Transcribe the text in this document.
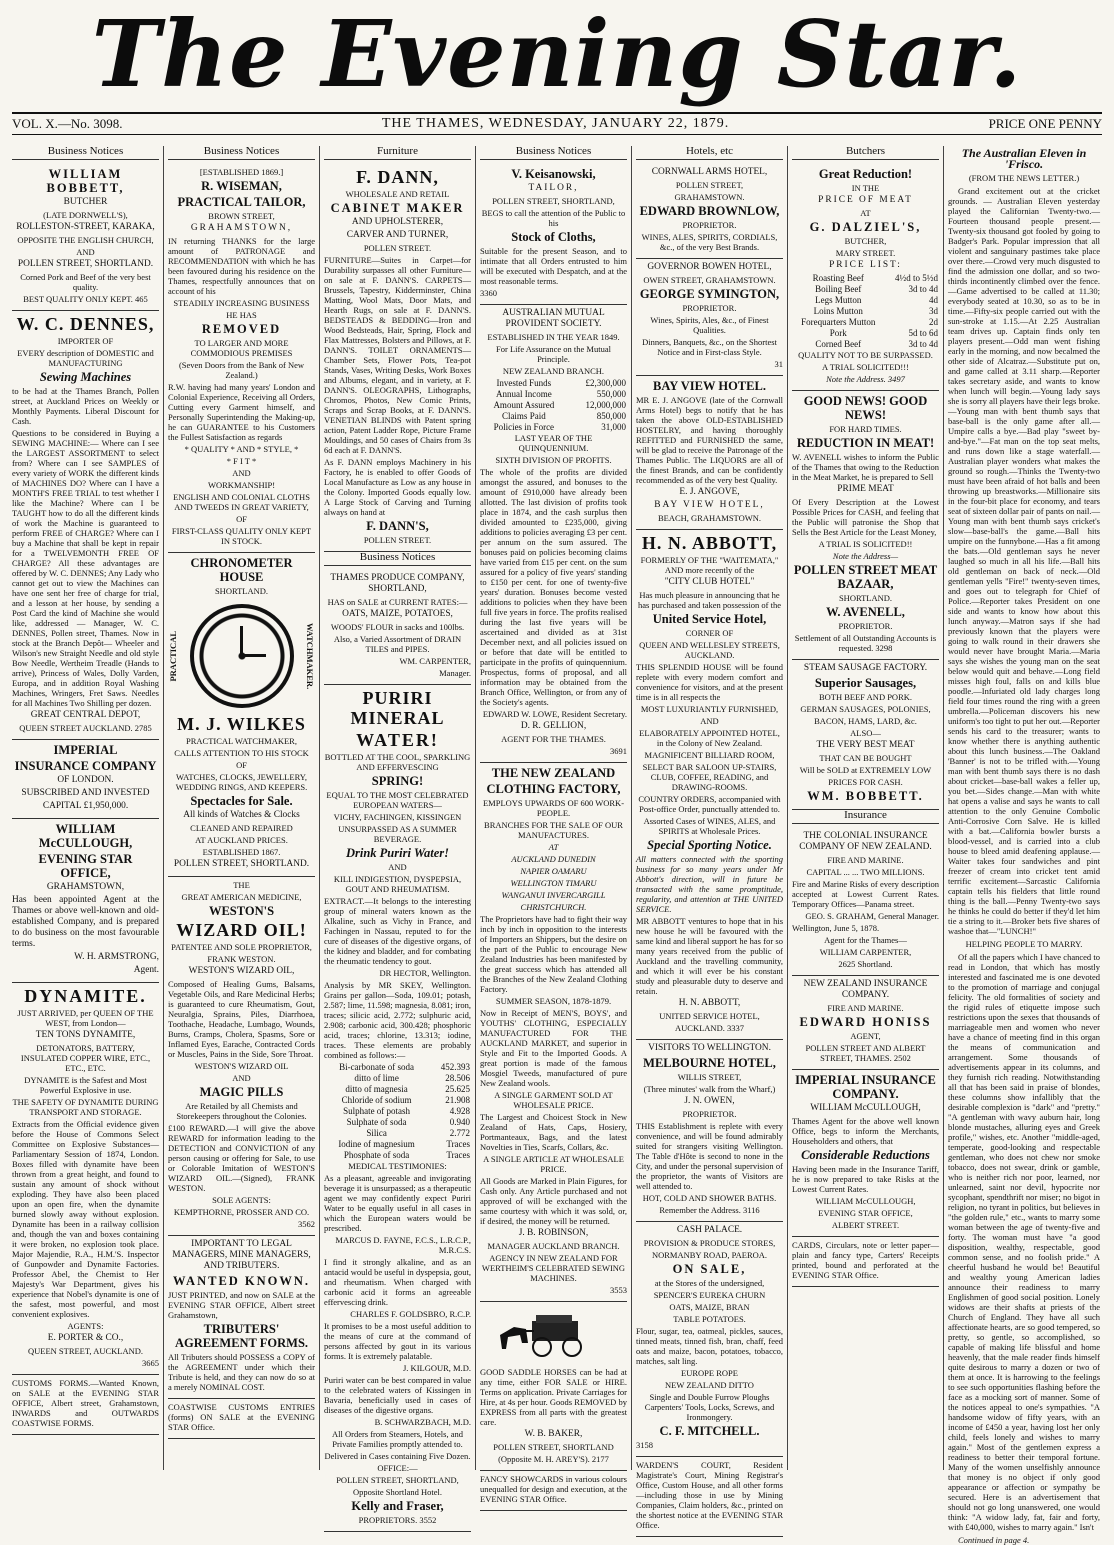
The Evening Star.
VOL. X.—No. 3098.	THE THAMES, WEDNESDAY, JANUARY 22, 1879.	PRICE ONE PENNY
Business Notices

WILLIAM BOBBETT,

BUTCHER

(LATE DORNWELL'S),

ROLLESTON-STREET, KARAKA,

OPPOSITE THE ENGLISH CHURCH,

AND

POLLEN STREET, SHORTLAND.

Corned Pork and Beef of the very best quality.

BEST QUALITY ONLY KEPT. 465

W. C. DENNES,

IMPORTER OF

EVERY description of DOMESTIC and MANUFACTURING

Sewing Machines

to be had at the Thames Branch, Pollen street, at Auckland Prices on Weekly or Monthly Payments. Liberal Discount for Cash.

Questions to be considered in Buying a SEWING MACHINE:— Where can I see the LARGEST ASSORTMENT to select from? Where can I see SAMPLES of every variety of WORK the different kinds of MACHINES DO? Where can I have a MONTH'S FREE TRIAL to test whether I like the Machine? Where can I be TAUGHT how to do all the different kinds of work the Machine is guaranteed to perform FREE of CHARGE? Where can I buy a Machine that shall be kept in repair for a TWELVEMONTH FREE OF CHARGE? All these advantages are offered by W. C. DENNES; Any Lady who cannot get out to view the Machines can have one sent her free of charge for trial, and a lesson at her house, by sending a Post Card the kind of Machine she would like, addressed — Manager, W. C. DENNES, Pollen street, Thames. Now in stock at the Branch Depôt— Wheeler and Wilson's new Straight Needle and old style Bow Needle, Wertheim Treadle (Hands to arrive), Princess of Wales, Dolly Varden, Europa, and in addition Royal Washing Machines, Wringers, Fret Saws. Needles for all Machines Two Shilling per dozen.

GREAT CENTRAL DEPOT,

QUEEN STREET AUCKLAND. 2785

IMPERIAL

INSURANCE COMPANY

OF LONDON.

SUBSCRIBED AND INVESTED

CAPITAL £1,950,000.

WILLIAM McCULLOUGH,

EVENING STAR OFFICE,

GRAHAMSTOWN,

Has been appointed Agent at the Thames or above well-known and old-established Company, and is prepared to do business on the most favourable terms.

W. H. ARMSTRONG,

Agent.

DYNAMITE.

JUST ARRIVED, per QUEEN OF THE WEST, from London—

TEN TONS DYNAMITE,

DETONATORS, BATTERY, INSULATED COPPER WIRE, ETC., ETC., ETC.

DYNAMITE is the Safest and Most Powerful Explosive in use.

THE SAFETY OF DYNAMITE DURING TRANSPORT AND STORAGE.

Extracts from the Official evidence given before the House of Commons Select Committee on Explosive Substances—Parliamentary Session of 1874, London. Boxes filled with dynamite have been thrown from a great height, and found to sustain any amount of shock without exploding. They have also been placed upon an open fire, when the dynamite burned slowly away without explosion. Dynamite has been in a railway collision and, though the van and boxes containing it were broken, no explosion took place. Major Majendie, R.A., H.M.'S. Inspector of Gunpowder and Dynamite Factories. Professor Abel, the Chemist to Her Majesty's War Department, gives his experience that Nobel's dynamite is one of the safest, most powerful, and most convenient explosives.

AGENTS:

E. PORTER & CO.,

QUEEN STREET, AUCKLAND.

3665

CUSTOMS FORMS.—Wanted Known, on SALE at the EVENING STAR OFFICE, Albert street, Grahamstown, INWARDS and OUTWARDS COASTWISE FORMS.

Business Notices

[ESTABLISHED 1869.]

R. WISEMAN,

PRACTICAL TAILOR,

BROWN STREET,

GRAHAMSTOWN,

IN returning THANKS for the large amount of PATRONAGE and RECOMMENDATION with which he has been favoured during his residence on the Thames, respectfully announces that on account of his

STEADILY INCREASING BUSINESS

HE HAS

REMOVED

TO LARGER AND MORE COMMODIOUS PREMISES

(Seven Doors from the Bank of New Zealand.)

R.W. having had many years' London and Colonial Experience, Receiving all Orders, Cutting every Garment himself, and Personally Superintending the Making-up, he can GUARANTEE to his Customers the Fullest Satisfaction as regards

* QUALITY * AND * STYLE, *

* F I T *

AND

WORKMANSHIP!

ENGLISH AND COLONIAL CLOTHS AND TWEEDS IN GREAT VARIETY,

OF

FIRST-CLASS QUALITY ONLY KEPT IN STOCK.

CHRONOMETER HOUSE

SHORTLAND.

PRACTICAL	WATCHMAKER.

M. J. WILKES

PRACTICAL WATCHMAKER,

CALLS ATTENTION TO HIS STOCK

OF

WATCHES, CLOCKS, JEWELLERY, WEDDING RINGS, AND KEEPERS.

Spectacles for Sale.

All kinds of Watches & Clocks

CLEANED AND REPAIRED

AT AUCKLAND PRICES.

ESTABLISHED 1867.

POLLEN STREET, SHORTLAND.

THE

GREAT AMERICAN MEDICINE,

WESTON'S

WIZARD OIL!

PATENTEE AND SOLE PROPRIETOR,

FRANK WESTON.

WESTON'S WIZARD OIL,

Composed of Healing Gums, Balsams, Vegetable Oils, and Rare Medicinal Herbs; is guaranteed to cure Rheumatism, Gout, Neuralgia, Sprains, Piles, Diarrhoea, Toothache, Headache, Lumbago, Wounds, Burns, Cramps, Cholera, Spasms, Sore or Inflamed Eyes, Earache, Contracted Cords or Muscles, Pains in the Side, Sore Throat.

WESTON'S WIZARD OIL

AND

MAGIC PILLS

Are Retailed by all Chemists and Storekeepers throughout the Colonies.

£100 REWARD.—I will give the above REWARD for information leading to the DETECTION and CONVICTION of any person causing or offering for Sale, to use or Colorable Imitation of WESTON'S WIZARD OIL.—(Signed), FRANK WESTON.

SOLE AGENTS:

KEMPTHORNE, PROSSER AND CO.

3562

IMPORTANT TO LEGAL MANAGERS, MINE MANAGERS, AND TRIBUTERS.

WANTED KNOWN.

JUST PRINTED, and now on SALE at the EVENING STAR OFFICE, Albert street Grahamstown,

TRIBUTERS' AGREEMENT FORMS.

All Tributers should POSSESS a COPY of the AGREEMENT under which their Tribute is held, and they can now do so at a merely NOMINAL COST.

COASTWISE CUSTOMS ENTRIES (forms) ON SALE at the EVENING STAR Office.

Furniture

F. DANN,

WHOLESALE AND RETAIL

CABINET MAKER

AND UPHOLSTERER,

CARVER AND TURNER,

POLLEN STREET.

FURNITURE—Suites in Carpet—for Durability surpasses all other Furniture—on sale at F. DANN'S. CARPETS—Brussels, Tapestry, Kidderminster, China Matting, Wool Mats, Door Mats, and Hearth Rugs, on sale at F. DANN'S. BEDSTEADS & BEDDING—Iron and Wood Bedsteads, Hair, Spring, Flock and Flax Mattresses, Bolsters and Pillows, at F. DANN'S. TOILET ORNAMENTS—Chamber Sets, Flower Pots, Tea-pot Stands, Vases, Writing Desks, Work Boxes and Albums, elegant, and in variety, at F. DANN'S. OLEOGRAPHS, Lithographs, Chromos, Photos, New Comic Prints, Scraps and Scrap Books, at F. DANN'S. VENETIAN BLINDS with Patent spring action, Patent Ladder Rope, Picture Frame Mouldings, and 50 cases of Chairs from 3s 6d each at F. DANN'S.

As F. DANN employs Machinery in his Factory, he is enabled to offer Goods of Local Manufacture as Low as any house in the Colony. Imported Goods equally low. A Large Stock of Carving and Turning always on hand at

F. DANN'S,

POLLEN STREET.

Business Notices

THAMES PRODUCE COMPANY, SHORTLAND,

HAS on SALE at CURRENT RATES:—

OATS, MAIZE, POTATOES,

WOODS' FLOUR in sacks and 100lbs.

Also, a Varied Assortment of DRAIN TILES and PIPES.

WM. CARPENTER,

Manager.

PURIRI MINERAL

WATER!

BOTTLED AT THE COOL, SPARKLING AND EFFERVESCING

SPRING!

EQUAL TO THE MOST CELEBRATED EUROPEAN WATERS—

VICHY, FACHINGEN, KISSINGEN

UNSURPASSED AS A SUMMER BEVERAGE.

Drink Puriri Water!

AND

KILL INDIGESTION, DYSPEPSIA, GOUT AND RHEUMATISM.

EXTRACT.—It belongs to the interesting group of mineral waters known as the Alkaline, such as Vichy in France, and Fachingen in Nassau, reputed to for the cure of diseases of the digestive organs, of the kidney and bladder, and for combating the rheumatic tendency to gout.

DR HECTOR, Wellington.

Analysis by MR SKEY, Wellington. Grains per gallon—Soda, 109.01; potash, 2.587; lime, 11.598; magnesia, 8.081; iron, traces; silicic acid, 2.772; sulphuric acid, 2.908; carbonic acid, 300.428; phosphoric acid, traces; chlorine, 13.313; iodine, traces. These elements are probably combined as follows:—

Bi-carbonate of soda	452.393
ditto of lime	28.506
ditto of magnesia	25.625
Chloride of sodium	21.908
Sulphate of potash	4.928
Sulphate of soda	0.940
Silica	2.772
Iodine of magnesium	Traces
Phosphate of soda	Traces

MEDICAL TESTIMONIES:

As a pleasant, agreeable and invigorating beverage it is unsurpassed; as a therapeutic agent we may confidently expect Puriri Water to be equally useful in all cases in which the European waters would be prescribed.

MARCUS D. FAYNE, F.C.S., L.R.C.P., M.R.C.S.

I find it strongly alkaline, and as an antacid would be useful in dyspepsia, gout, and rheumatism. When charged with carbonic acid it forms an agreeable effervescing drink.

CHARLES F. GOLDSBRO, R.C.P.

It promises to be a most useful addition to the means of cure at the command of persons affected by gout in its various forms. It is extremely palatable.

J. KILGOUR, M.D.

Puriri water can be best compared in value to the celebrated waters of Kissingen in Bavaria, beneficially used in cases of diseases of the digestive organs.

B. SCHWARZBACH, M.D.

All Orders from Steamers, Hotels, and Private Families promptly attended to.

Delivered in Cases containing Five Dozen.

OFFICE:—

POLLEN STREET, SHORTLAND,

Opposite Shortland Hotel.

Kelly and Fraser,

PROPRIETORS. 3552

Business Notices

V. Keisanowski,

TAILOR,

POLLEN STREET, SHORTLAND,

BEGS to call the attention of the Public to his

Stock of Cloths,

Suitable for the present Season, and to intimate that all Orders entrusted to him will be executed with Despatch, and at the most reasonable terms.

3360

AUSTRALIAN MUTUAL PROVIDENT SOCIETY.

ESTABLISHED IN THE YEAR 1849.

For Life Assurance on the Mutual Principle.

NEW ZEALAND BRANCH.

Invested Funds	£2,300,000
Annual Income	550,000
Amount Assured	12,000,000
Claims Paid	850,000
Policies in Force	31,000

LAST YEAR OF THE QUINQUENNIUM.

SIXTH DIVISION OF PROFITS.

The whole of the profits are divided amongst the assured, and bonuses to the amount of £910,000 have already been allotted. The last division of profits took place in 1874, and the cash surplus then divided amounted to £235,000, giving additions to policies averaging £3 per cent. per annum on the sum assured. The bonuses paid on policies becoming claims have varied from £15 per cent. on the sum assured for a policy of five years' standing to £150 per cent. for one of twenty-five years' duration. Bonuses become vested additions to policies when they have been full five years in force. The profits realised during the last five years will be ascertained and divided as at 31st December next, and all policies issued on or before that date will be entitled to participate in the profits of quinquennium. Prospectus, forms of proposal, and all information may be obtained from the Branch Office, Wellington, or from any of the Society's agents.

EDWARD W. LOWE, Resident Secretary.

D. R. GELLION,

AGENT FOR THE THAMES.

3691

THE NEW ZEALAND

CLOTHING FACTORY,

EMPLOYS UPWARDS OF 600 WORK-PEOPLE.

BRANCHES FOR THE SALE OF OUR MANUFACTURES.

AT

AUCKLAND DUNEDIN

NAPIER OAMARU

WELLINGTON TIMARU

WANGANUI INVERCARGILL

CHRISTCHURCH.

The Proprietors have had to fight their way inch by inch in opposition to the interests of Importers an Shippers, but the desire on the part of the Public to encourage New Zealand Industries has been manifested by the great success which has attended all the Branches of the New Zealand Clothing Factory.

SUMMER SEASON, 1878-1879.

Now in Receipt of MEN'S, BOYS', and YOUTHS' CLOTHING, ESPECIALLY MANUFACTURED FOR THE AUCKLAND MARKET, and superior in Style and Fit to the Imported Goods. A great portion is made of the famous Mosgiel Tweeds, manufactured of pure New Zealand wools.

A SINGLE GARMENT SOLD AT WHOLESALE PRICE.

The Largest and Choicest Stock in New Zealand of Hats, Caps, Hosiery, Portmanteaux, Bags, and the latest Novelties in Ties, Scarfs, Collars, &c.

A SINGLE ARTICLE AT WHOLESALE PRICE.

All Goods are Marked in Plain Figures, for Cash only. Any Article purchased and not approved of will be exchanged with the same courtesy with which it was sold, or, if desired, the money will be returned.

J. B. ROBINSON,

MANAGER AUCKLAND BRANCH.

AGENCY IN NEW ZEALAND FOR WERTHEIM'S CELEBRATED SEWING MACHINES.

3553

GOOD SADDLE HORSES can be had at any time, either FOR SALE or HIRE. Terms on application. Private Carriages for Hire, at 4s per hour. Goods REMOVED by EXPRESS from all parts with the greatest care.

W. B. BAKER,

POLLEN STREET, SHORTLAND

(Opposite M. H. AREY'S). 2177

FANCY SHOWCARDS in various colours unequalled for design and execution, at the EVENING STAR Office.

Hotels, etc

CORNWALL ARMS HOTEL,

POLLEN STREET,

GRAHAMSTOWN.

EDWARD BROWNLOW,

PROPRIETOR.

WINES, ALES, SPIRITS, CORDIALS, &c., of the very Best Brands.

GOVERNOR BOWEN HOTEL,

OWEN STREET, GRAHAMSTOWN.

GEORGE SYMINGTON,

PROPRIETOR.

Wines, Spirits, Ales, &c., of Finest Qualities.

Dinners, Banquets, &c., on the Shortest Notice and in First-class Style.

31

BAY VIEW HOTEL.

MR E. J. ANGOVE (late of the Cornwall Arms Hotel) begs to notify that he has taken the above OLD-ESTABLISHED HOSTELRY, and having thoroughly REFITTED and FURNISHED the same, will be glad to receive the Patronage of the Thames Public. The LIQUORS are all of the finest Brands, and can be confidently recommended as of the very best Quality.

E. J. ANGOVE,

BAY VIEW HOTEL,

BEACH, GRAHAMSTOWN.

H. N. ABBOTT,

FORMERLY OF THE "WAITEMATA," AND more recently of the

"CITY CLUB HOTEL"

Has much pleasure in announcing that he has purchased and taken possession of the

United Service Hotel,

CORNER OF

QUEEN AND WELLESLEY STREETS, AUCKLAND.

THIS SPLENDID HOUSE will be found replete with every modern comfort and convenience for visitors, and at the present time is in all respects the

MOST LUXURIANTLY FURNISHED,

AND

ELABORATELY APPOINTED HOTEL, in the Colony of New Zealand.

MAGNIFICENT BILLIARD ROOM,

SELECT BAR SALOON UP-STAIRS, CLUB, COFFEE, READING, and DRAWING-ROOMS.

COUNTRY ORDERS, accompanied with Post-office Order, punctually attended to.

Assorted Cases of WINES, ALES, and SPIRITS at Wholesale Prices.

Special Sporting Notice.

All matters connected with the sporting business for so many years under Mr Abbott's direction, will in future be transacted with the same promptitude, regularity, and attention at THE UNITED SERVICE.

MR ABBOTT ventures to hope that in his new house he will be favoured with the same kind and liberal support he has for so many years received from the public of Auckland and the travelling community, and which it will ever be his constant study and pleasurable duty to deserve and retain.

H. N. ABBOTT,

UNITED SERVICE HOTEL,

AUCKLAND. 3337

VISITORS TO WELLINGTON.

MELBOURNE HOTEL,

WILLIS STREET,

(Three minutes' walk from the Wharf,)

J. N. OWEN,

PROPRIETOR.

THIS Establishment is replete with every convenience, and will be found admirably suited for strangers visiting Wellington. The Table d'Hôte is second to none in the City, and under the personal supervision of the proprietor, the wants of Visitors are well attended to.

HOT, COLD AND SHOWER BATHS.

Remember the Address. 3116

CASH PALACE.

PROVISION & PRODUCE STORES,

NORMANBY ROAD, PAEROA.

ON SALE,

at the Stores of the undersigned,

SPENCER'S EUREKA CHURN

OATS, MAIZE, BRAN

TABLE POTATOES.

Flour, sugar, tea, oatmeal, pickles, sauces, tinned meats, tinned fish, bran, chaff, feed oats and maize, bacon, potatoes, tobacco, matches, salt ling.

EUROPE ROPE

NEW ZEALAND DITTO

Single and Double Furrow Ploughs Carpenters' Tools, Locks, Screws, and Ironmongery.

C. F. MITCHELL.

3158

WARDEN'S COURT, Resident Magistrate's Court, Mining Registrar's Office, Custom House, and all other forms—including those in use by Mining Companies, Claim holders, &c., printed on the shortest notice at the EVENING STAR Office.

Butchers

Great Reduction!

IN THE

PRICE OF MEAT

AT

G. DALZIEL'S,

BUTCHER,

MARY STREET.

PRICE LIST:

Roasting Beef	4½d to 5½d
Boiling Beef	3d to 4d
Legs Mutton	4d
Loins Mutton	3d
Forequarters Mutton	2d
Pork	5d to 6d
Corned Beef	3d to 4d

QUALITY NOT TO BE SURPASSED.

A TRIAL SOLICITED!!!

Note the Address. 3497

GOOD NEWS! GOOD NEWS!

FOR HARD TIMES.

REDUCTION IN MEAT!

W. AVENELL wishes to inform the Public of the Thames that owing to the Reduction in the Meat Market, he is prepared to Sell

PRIME MEAT

Of Every Description at the Lowest Possible Prices for CASH, and feeling that the Public will patronise the Shop that Sells the Best Article for the Least Money,

A TRIAL IS SOLICITED!!

Note the Address—

POLLEN STREET MEAT BAZAAR,

SHORTLAND.

W. AVENELL,

PROPRIETOR.

Settlement of all Outstanding Accounts is requested. 3298

STEAM SAUSAGE FACTORY.

Superior Sausages,

BOTH BEEF AND PORK.

GERMAN SAUSAGES, POLONIES,

BACON, HAMS, LARD, &c.

ALSO—

THE VERY BEST MEAT

THAT CAN BE BOUGHT

Will be SOLD at EXTREMELY LOW

PRICES FOR CASH.

WM. BOBBETT.

Insurance

THE COLONIAL INSURANCE COMPANY OF NEW ZEALAND.

FIRE AND MARINE.

CAPITAL ... ... TWO MILLIONS.

Fire and Marine Risks of every description accepted at Lowest Current Rates. Temporary Offices—Panama street.

GEO. S. GRAHAM, General Manager.

Wellington, June 5, 1878.

Agent for the Thames—

WILLIAM CARPENTER,

2625 Shortland.

NEW ZEALAND INSURANCE COMPANY.

FIRE AND MARINE.

EDWARD HONISS

AGENT,

POLLEN STREET AND ALBERT STREET, THAMES. 2502

IMPERIAL INSURANCE COMPANY.

WILLIAM McCULLOUGH,

Thames Agent for the above well known Office, begs to inform the Merchants, Householders and others, that

Considerable Reductions

Having been made in the Insurance Tariff, he is now prepared to take Risks at the Lowest Current Rates.

WILLIAM McCULLOUGH,

EVENING STAR OFFICE,

ALBERT STREET.

CARDS, Circulars, note or letter paper—plain and fancy type, Carters' Receipts printed, bound and perforated at the EVENING STAR Office.

The Australian Eleven in 'Frisco.

(FROM THE NEWS LETTER.)

Grand excitement out at the cricket grounds. — Australian Eleven yesterday played the Californian Twenty-two.—Fourteen thousand people present.—Twenty-six thousand got fooled by going to Badger's Park. Popular impression that all violent and sanguinary pastimes take place over there.—Crowd very much disgusted to find the admission one dollar, and so two-thirds incontinently climbed over the fence.—Game advertised to be called at 11.30; everybody seated at 10.30, so as to be in time.—Fifty-six people carried out with the sun-stroke at 1.15.—At 2.25 Australian team drives up. Captain finds only ten players present.—Odd man went fishing early in the morning, and now becalmed the other side of Alcatraz.—Substitute put on, and game called at 3.11 sharp.—Reporter takes secretary aside, and wants to know when lunch will begin.—Young lady says she is sorry all players have their legs broke.—Young man with bent thumb says that base-ball is the only game after all.—Umpire calls a bye.—Bad play "sweet by-and-bye."—Fat man on the top seat melts, and runs down like a stage waterfall.—Australian player wonders what makes the ground so rough.—Thinks the Twenty-two must have been afraid of hot balls and been throwing up breastworks.—Millionaire sits in the four-bit place for economy, and tears seat of sixteen dollar pair of pants on nail.—Young man with bent thumb says cricket's slow—base-ball's the game.—Ball hits umpire on the funnybone.—Has a fit among the bats.—Old gentleman says he never laughed so much in all his life.—Ball hits old gentleman on back of neck.—Old gentleman yells "Fire!" twenty-seven times, and goes out to telegraph for Chief of Police.—Reporter takes President on one side and wants to know how about this lunch anyway.—Matron says if she had previously known that the players were going to walk round in their drawers she would never have brought Maria.—Maria says she wishes the young man on the seat below would quit and behave.—Long field misses high foul, falls on and kills blue poodle.—Infuriated old lady charges long field four times round the ring with a green umbrella.—Policeman discovers his new uniform's too tight to put her out.—Reporter sends his card to the treasurer; wants to know whether there is anything authentic about this lunch business.—The Oakland 'Banner' is not to be trifled with.—Young man with bent thumb says there is no dash about cricket—base-ball wakes a feller up, you bet.—Sides change.—Man with white hat opens a valise and says he wants to call attention to the only Genuine Combolic Anti-Corrosive Corn Salve. He is killed with a bat.—California bowler bursts a blood-vessel, and is carried into a club house to bleed amid deafening applause.—Waiter takes four sandwiches and pint freezer of cream into cricket tent amid terrific excitement—Sarcastic California captain tells his fielders that little round thing is the ball.—Penny Twenty-two says he thinks he could do better if they'd let him tie a string to it.—Broker bets five shares of washoe that—"LUNCH!"

HELPING PEOPLE TO MARRY.

Of all the papers which I have chanced to read in London, that which has mostly interested and fascinated me is one devoted to the promotion of marriage and conjugal felicity. The old formalities of society and the rigid rules of etiquette impose such restrictions upon the sexes that thousands of marriageable men and women who never have a chance of meeting find in this organ the means of communication and arrangement. Some thousands of advertisements appear in its columns, and they furnish rich reading. Notwithstanding all that has been said in praise of blondes, these columns show infallibly that the desirable complexion is "dark" and "pretty." "A gentleman with wavy auburn hair, long blonde mustaches, alluring eyes and Greek profile," wishes, etc. Another "middle-aged, temperate, good-looking and respectable gentleman, who does not chew nor smoke tobacco, does not swear, drink or gamble, who is neither rich nor poor, learned, nor unlearned, saint nor devil, hypocrite nor sycophant, spendthrift nor miser; no bigot in religion, no tyrant in politics, but believes in "the golden rule," etc., wants to marry some woman between the age of twenty-five and forty. The woman must have "a good disposition, wealthy, respectable, good common sense, and no foolish pride." A cheerful husband he would be! Beautiful and wealthy young American ladies announce their readiness to marry Englishmen of good social position. Lonely widows are their shafts at priests of the Church of England. They have all such affectionate hearts, are so good tempered, so pretty, so gentle, so accomplished, so capable of making life blissful and home heavenly, that the male reader finds himself quite desirous to marry a dozen or two of them at once. It is harrowing to the feelings to see such opportunities flashing before the face as a mocking sort of manner. Some of the notices appeal to one's sympathies. "A handsome widow of fifty years, with an income of £450 a year, having lost her only child, feels lonely and wishes to marry again." Most of the gentlemen express a readiness to better their temporal fortune. Many of the women unselfishly announce that money is no object if only good appearance or affection or sympathy be secured. Here is an advertisement that should not go long unanswered, one would think: "A widow lady, fat, fair and forty, with £40,000, wishes to marry again." Isn't

Continued in page 4.
